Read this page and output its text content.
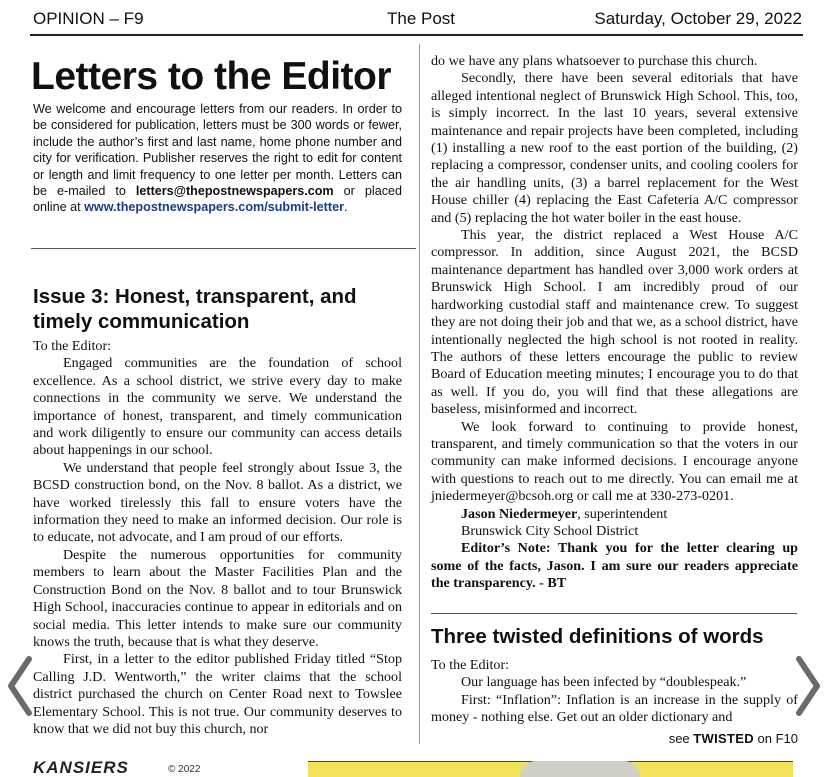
OPINION – F9	The Post	Saturday, October 29, 2022
Letters to the Editor

We welcome and encourage letters from our readers. In order to be considered for publication, letters must be 300 words or fewer, include the author’s first and last name, home phone number and city for verification. Publisher reserves the right to edit for content or length and limit frequency to one letter per month. Letters can be e-mailed to letters@thepostnewspapers.com or placed online at www.thepostnewspapers.com/submit-letter.

Issue 3: Honest, transparent, and timely communication

To the Editor:

Engaged communities are the foundation of school excellence. As a school district, we strive every day to make connections in the community we serve. We understand the importance of honest, transparent, and timely communication and work diligently to ensure our community can access details about happenings in our school.

We understand that people feel strongly about Issue 3, the BCSD construction bond, on the Nov. 8 ballot. As a district, we have worked tirelessly this fall to ensure voters have the information they need to make an informed decision. Our role is to educate, not advocate, and I am proud of our efforts.

Despite the numerous opportunities for community members to learn about the Master Facilities Plan and the Construction Bond on the Nov. 8 ballot and to tour Brunswick High School, inaccuracies continue to appear in editorials and on social media. This letter intends to make sure our community knows the truth, because that is what they deserve.

First, in a letter to the editor published Friday titled “Stop Calling J.D. Wentworth,” the writer claims that the school district purchased the church on Center Road next to Towslee Elementary School. This is not true. Our community deserves to know that we did not buy this church, nor

do we have any plans whatsoever to purchase this church.

Secondly, there have been several editorials that have alleged intentional neglect of Brunswick High School. This, too, is simply incorrect. In the last 10 years, several extensive maintenance and repair projects have been completed, including (1) installing a new roof to the east portion of the building, (2) replacing a compressor, condenser units, and cooling coolers for the air handling units, (3) a barrel replacement for the West House chiller (4) replacing the East Cafeteria A/C compressor and (5) replacing the hot water boiler in the east house.

This year, the district replaced a West House A/C compressor. In addition, since August 2021, the BCSD maintenance department has handled over 3,000 work orders at Brunswick High School. I am incredibly proud of our hardworking custodial staff and maintenance crew. To suggest they are not doing their job and that we, as a school district, have intentionally neglected the high school is not rooted in reality. The authors of these letters encourage the public to review Board of Education meeting minutes; I encourage you to do that as well. If you do, you will find that these allegations are baseless, misinformed and incorrect.

We look forward to continuing to provide honest, transparent, and timely communication so that the voters in our community can make informed decisions. I encourage anyone with questions to reach out to me directly. You can email me at jniedermeyer@bcsoh.org or call me at 330-273-0201.

Jason Niedermeyer, superintendent

Brunswick City School District

Editor’s Note: Thank you for the letter clearing up some of the facts, Jason. I am sure our readers appreciate the transparency. - BT

Three twisted definitions of words

To the Editor:

Our language has been infected by “doublespeak.”

First: “Inflation”: Inflation is an increase in the supply of money - nothing else. Get out an older dictionary and

see TWISTED on F10
KANSIERS	© 2022
